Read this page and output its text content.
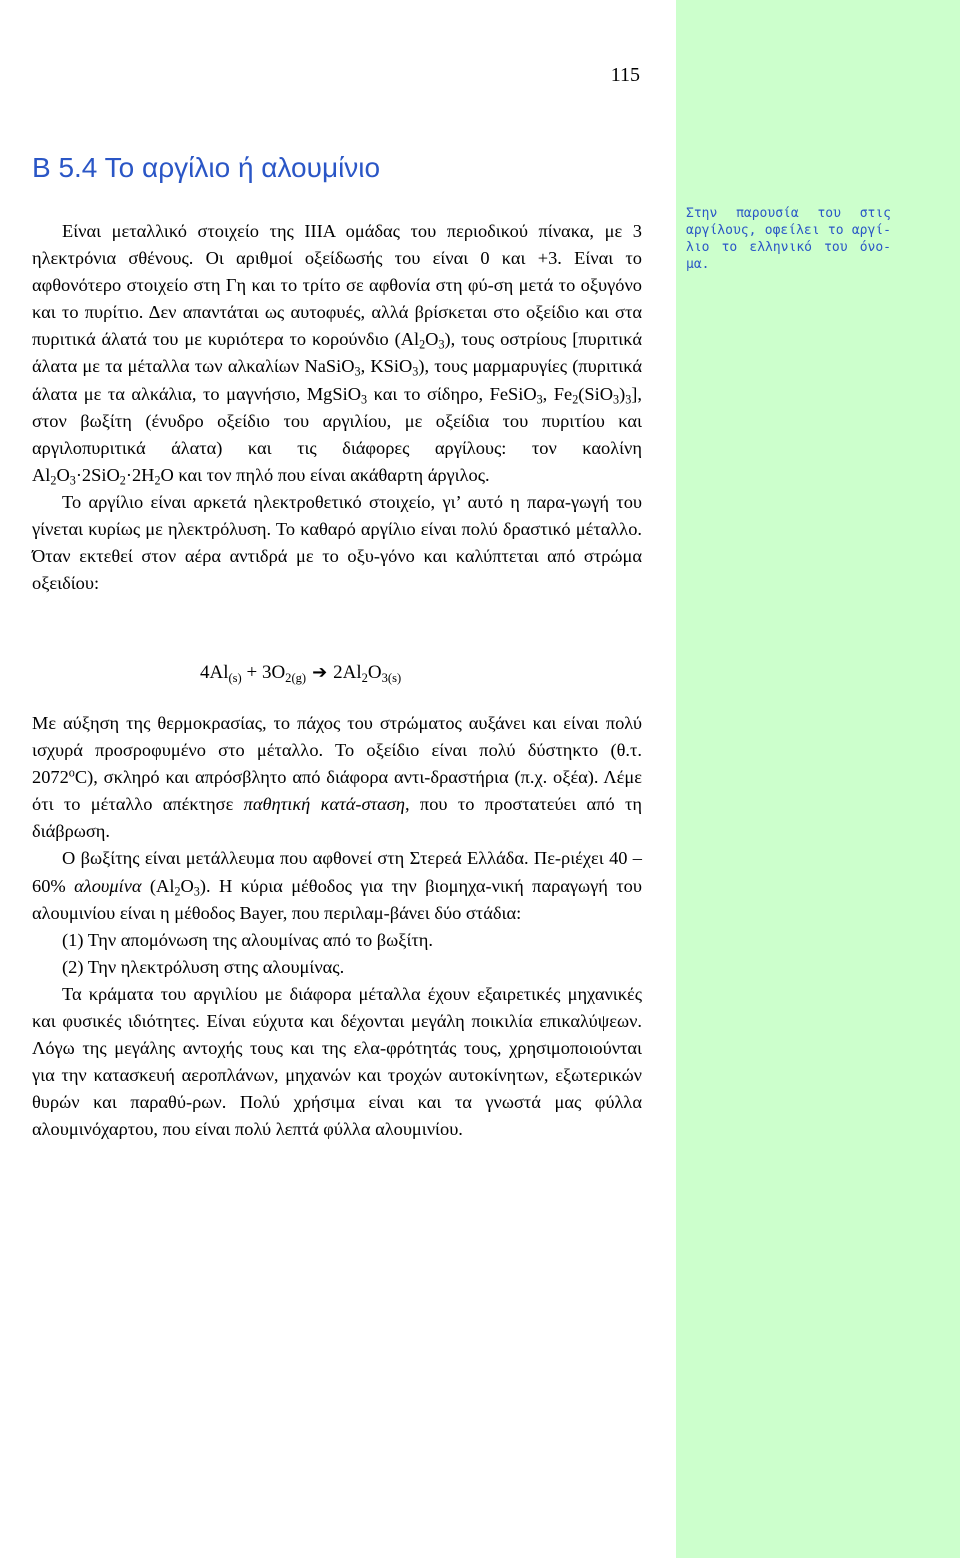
115
Β 5.4 Το αργίλιο ή αλουμίνιο

Είναι μεταλλικό στοιχείο της ΙΙΙΑ ομάδας του περιοδικού πίνακα, με 3 ηλεκτρόνια σθένους. Οι αριθμοί οξείδωσής του είναι 0 και +3. Είναι το αφθονότερο στοιχείο στη Γη και το τρίτο σε αφθονία στη φύ-ση μετά το οξυγόνο και το πυρίτιο. Δεν απαντάται ως αυτοφυές, αλλά βρίσκεται στο οξείδιο και στα πυριτικά άλατά του με κυριότερα το κορούνδιο $(Al_2O_3)$, τους οστρίους [πυριτικά άλατα με τα μέταλλα των αλκαλίων NaSiO$_3$, KSiO$_3$), τους μαρμαρυγίες (πυριτικά άλατα με τα αλκάλια, το μαγνήσιο, MgSiO$_3$ και το σίδηρο, FeSiO$_3$, $Fe_2(SiO_3)_3$], στον βωξίτη (ένυδρο οξείδιο του αργιλίου, με οξείδια του πυριτίου και αργιλοπυριτικά άλατα) και τις διάφορες αργίλους: τον καολίνη $Al_2O_3\cdot 2SiO_2\cdot 2H_2O$ και τον πηλό που είναι ακάθαρτη άργιλος.

Το αργίλιο είναι αρκετά ηλεκτροθετικό στοιχείο, γι’ αυτό η παρα-γωγή του γίνεται κυρίως με ηλεκτρόλυση. Το καθαρό αργίλιο είναι πολύ δραστικό μέταλλο. Όταν εκτεθεί στον αέρα αντιδρά με το οξυ-γόνο και καλύπτεται από στρώμα οξειδίου:

$4Al_{(s)} + 3O_{2(g)}$ ➔ $2Al_2O_{3(s)}$

Με αύξηση της θερμοκρασίας, το πάχος του στρώματος αυξάνει και είναι πολύ ισχυρά προσροφυμένο στο μέταλλο. Το οξείδιο είναι πολύ δύστηκτο (θ.τ. $2072^oC$), σκληρό και απρόσβλητο από διάφορα αντι-δραστήρια (π.χ. οξέα). Λέμε ότι το μέταλλο απέκτησε παθητική κατά-σταση, που το προστατεύει από τη διάβρωση.

Ο βωξίτης είναι μετάλλευμα που αφθονεί στη Στερεά Ελλάδα. Πε-ριέχει 40 – 60% αλουμίνα $(Al_2O_3)$. Η κύρια μέθοδος για την βιομηχα-νική παραγωγή του αλουμινίου είναι η μέθοδος Bayer, που περιλαμ-βάνει δύο στάδια:

(1) Την απομόνωση της αλουμίνας από το βωξίτη.

(2) Την ηλεκτρόλυση στης αλουμίνας.

Τα κράματα του αργιλίου με διάφορα μέταλλα έχουν εξαιρετικές μηχανικές και φυσικές ιδιότητες. Είναι εύχυτα και δέχονται μεγάλη ποικιλία επικαλύψεων. Λόγω της μεγάλης αντοχής τους και της ελα-φρότητάς τους, χρησιμοποιούνται για την κατασκευή αεροπλάνων, μηχανών και τροχών αυτοκίνητων, εξωτερικών θυρών και παραθύ-ρων. Πολύ χρήσιμα είναι και τα γνωστά μας φύλλα αλουμινόχαρτου, που είναι πολύ λεπτά φύλλα αλουμινίου.

Στην παρουσία του στις αργίλους, οφείλει το αργί-λιο το ελληνικό του όνο-μα.
